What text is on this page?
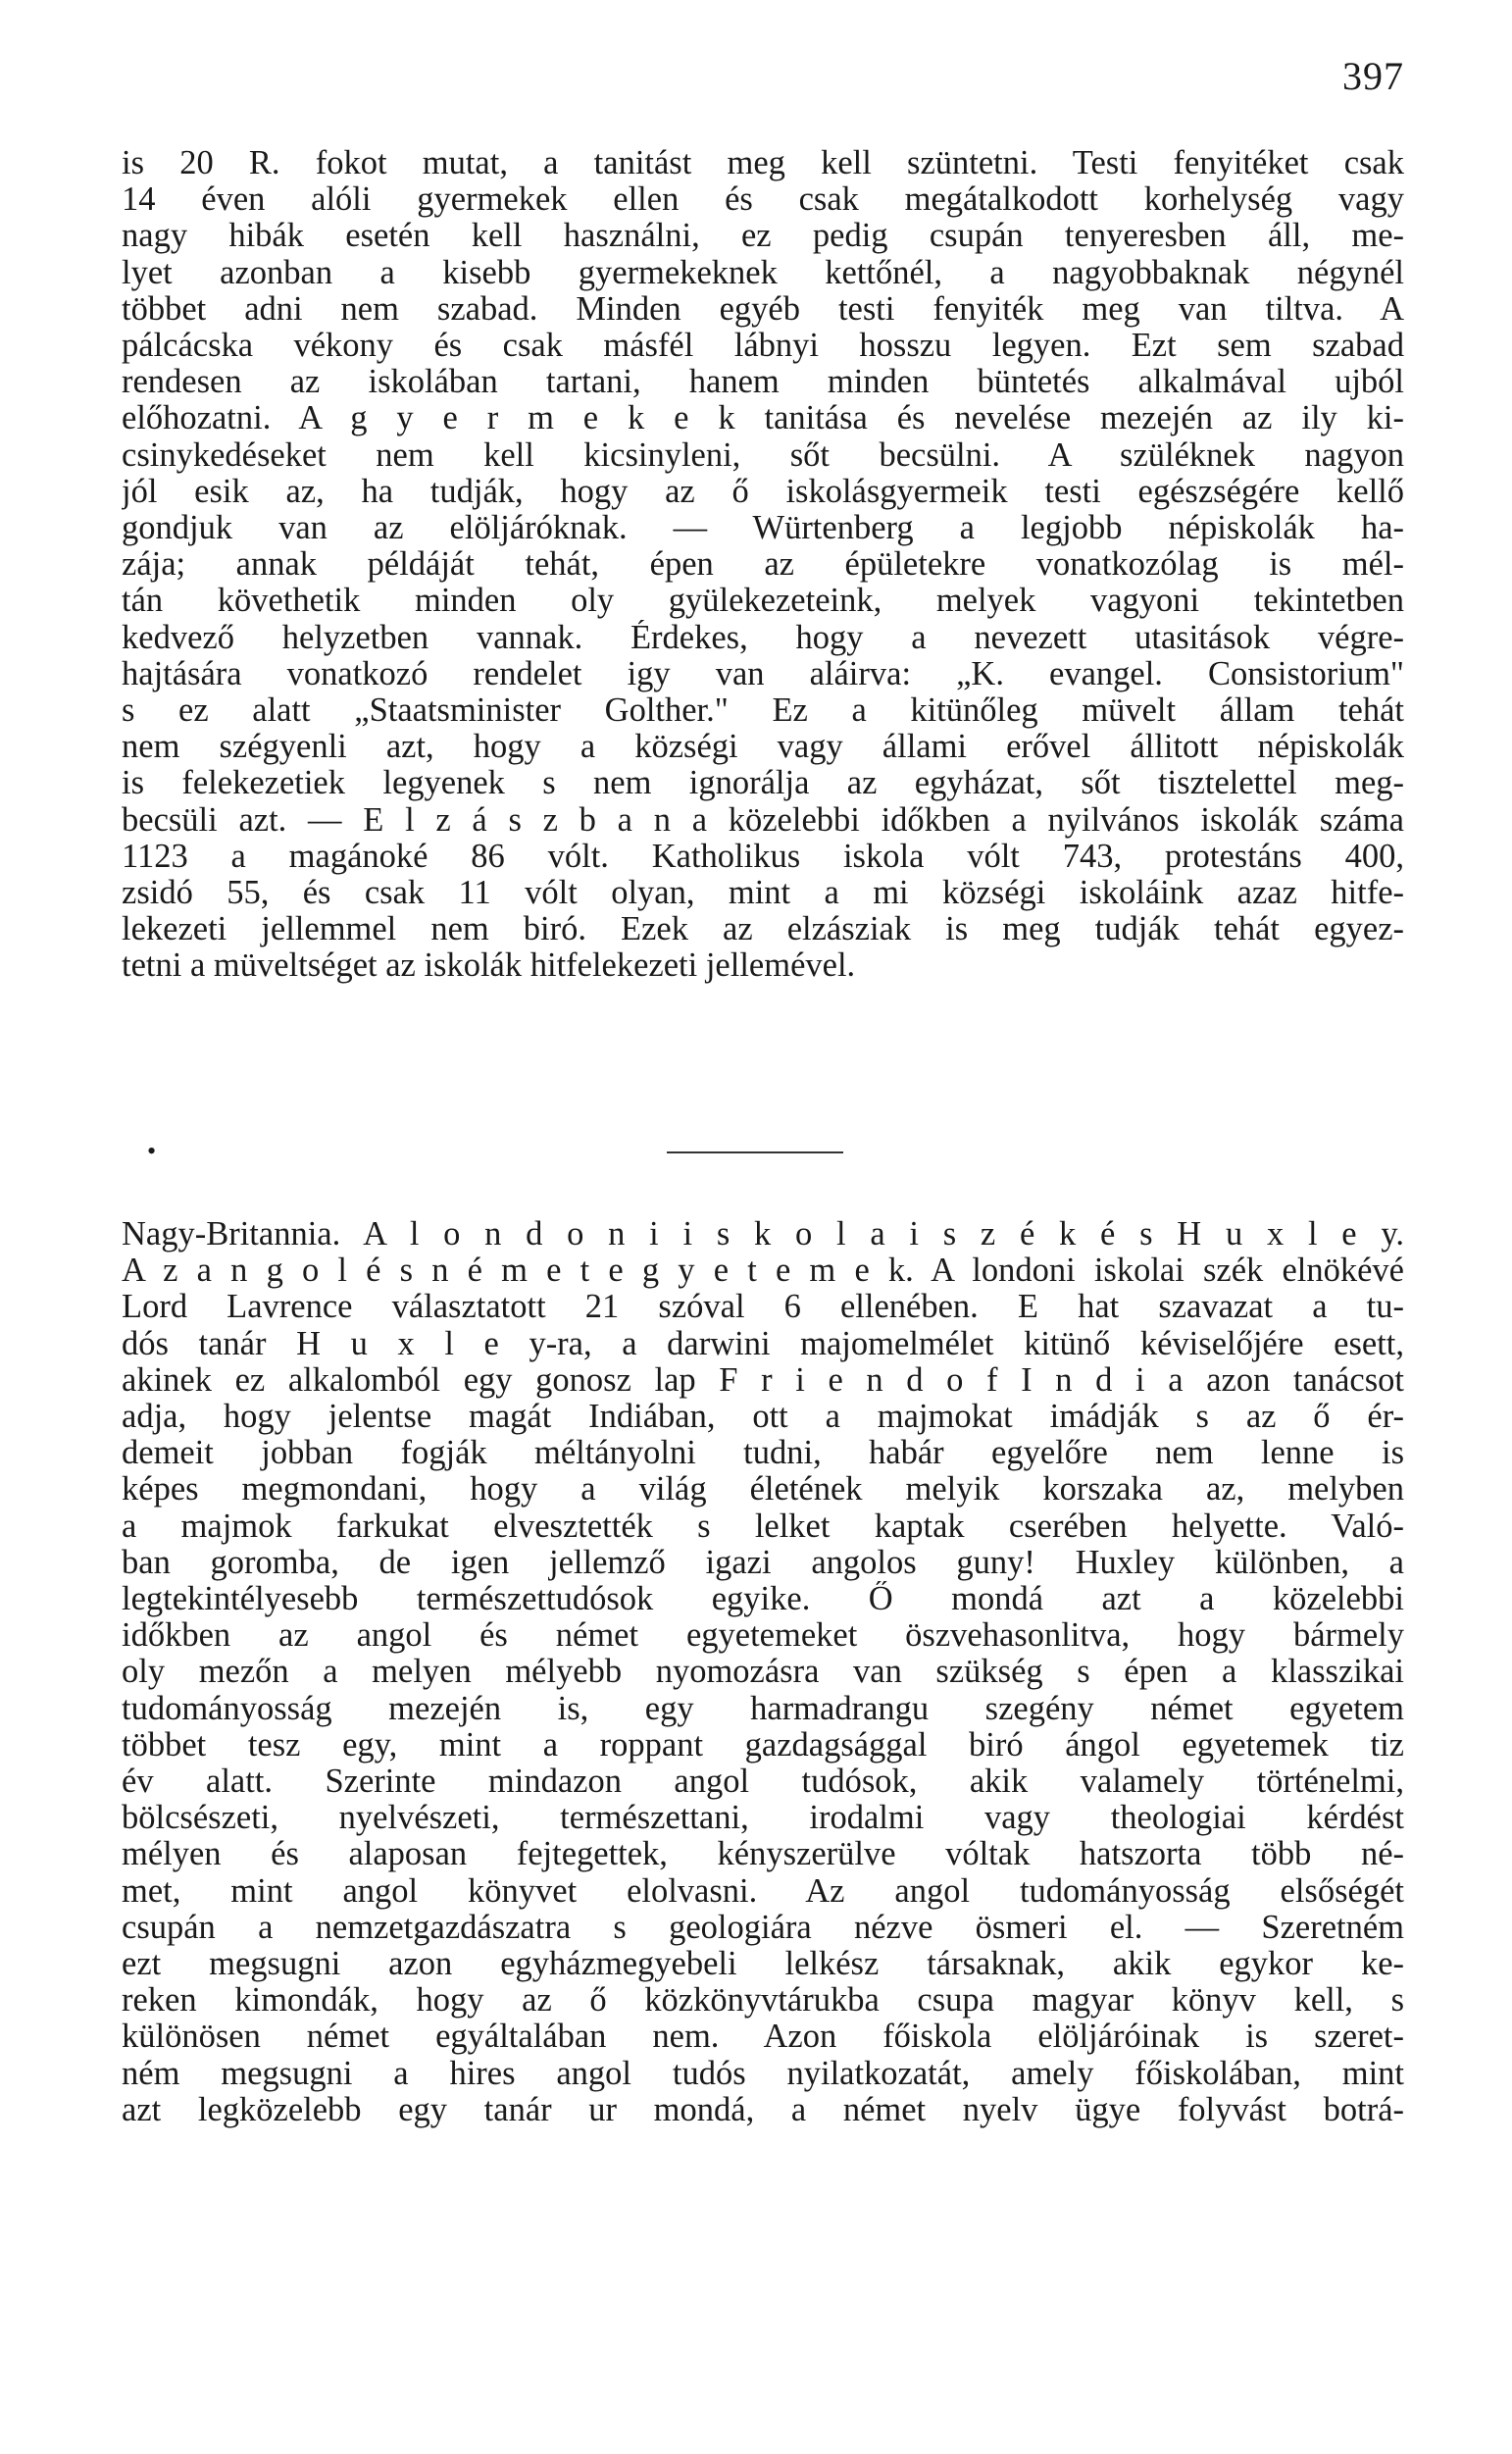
397
is 20 R. fokot mutat, a tanitást meg kell szüntetni. Testi fenyitéket csak
14 éven alóli gyermekek ellen és csak megátalkodott korhelység vagy
nagy hibák esetén kell használni, ez pedig csupán tenyeresben áll, me-
lyet azonban a kisebb gyermekeknek kettőnél, a nagyobbaknak négynél
többet adni nem szabad. Minden egyéb testi fenyiték meg van tiltva. A
pálcácska vékony és csak másfél lábnyi hosszu legyen. Ezt sem szabad
rendesen az iskolában tartani, hanem minden büntetés alkalmával ujból
előhozatni. A g y e r m e k e k tanitása és nevelése mezején az ily ki-
csinykedéseket nem kell kicsinyleni, sőt becsülni. A szüléknek nagyon
jól esik az, ha tudják, hogy az ő iskolásgyermeik testi egészségére kellő
gondjuk van az elöljáróknak. — Würtenberg a legjobb népiskolák ha-
zája; annak példáját tehát, épen az épületekre vonatkozólag is mél-
tán követhetik minden oly gyülekezeteink, melyek vagyoni tekintetben
kedvező helyzetben vannak. Érdekes, hogy a nevezett utasitások végre-
hajtására vonatkozó rendelet igy van aláirva: „K. evangel. Consistorium"
s ez alatt „Staatsminister Golther." Ez a kitünőleg müvelt állam tehát
nem szégyenli azt, hogy a községi vagy állami erővel állitott népiskolák
is felekezetiek legyenek s nem ignorálja az egyházat, sőt tisztelettel meg-
becsüli azt. — E l z á s z b a n a közelebbi időkben a nyilvános iskolák száma
1123 a magánoké 86 vólt. Katholikus iskola vólt 743, protestáns 400,
zsidó 55, és csak 11 vólt olyan, mint a mi községi iskoláink azaz hitfe-
lekezeti jellemmel nem biró. Ezek az elzásziak is meg tudják tehát egyez-
tetni a müveltséget az iskolák hitfelekezeti jellemével.
•
Nagy-Britannia. A l o n d o n i i s k o l a i s z é k é s H u x l e y.
A z a n g o l é s n é m e t e g y e t e m e k. A londoni iskolai szék elnökévé
Lord Lavrence választatott 21 szóval 6 ellenében. E hat szavazat a tu-
dós tanár H u x l e y-ra, a darwini majomelmélet kitünő kéviselőjére esett,
akinek ez alkalomból egy gonosz lap F r i e n d o f I n d i a azon tanácsot
adja, hogy jelentse magát Indiában, ott a majmokat imádják s az ő ér-
demeit jobban fogják méltányolni tudni, habár egyelőre nem lenne is
képes megmondani, hogy a világ életének melyik korszaka az, melyben
a majmok farkukat elvesztették s lelket kaptak cserében helyette. Való-
ban goromba, de igen jellemző igazi angolos guny! Huxley különben, a
legtekintélyesebb természettudósok egyike. Ő mondá azt a közelebbi
időkben az angol és német egyetemeket öszvehasonlitva, hogy bármely
oly mezőn a melyen mélyebb nyomozásra van szükség s épen a klasszikai
tudományosság mezején is, egy harmadrangu szegény német egyetem
többet tesz egy, mint a roppant gazdagsággal biró ángol egyetemek tiz
év alatt. Szerinte mindazon angol tudósok, akik valamely történelmi,
bölcsészeti, nyelvészeti, természettani, irodalmi vagy theologiai kérdést
mélyen és alaposan fejtegettek, kényszerülve vóltak hatszorta több né-
met, mint angol könyvet elolvasni. Az angol tudományosság elsőségét
csupán a nemzetgazdászatra s geologiára nézve ösmeri el. — Szeretném
ezt megsugni azon egyházmegyebeli lelkész társaknak, akik egykor ke-
reken kimondák, hogy az ő közkönyvtárukba csupa magyar könyv kell, s
különösen német egyáltalában nem. Azon főiskola elöljáróinak is szeret-
ném megsugni a hires angol tudós nyilatkozatát, amely főiskolában, mint
azt legközelebb egy tanár ur mondá, a német nyelv ügye folyvást botrá-
